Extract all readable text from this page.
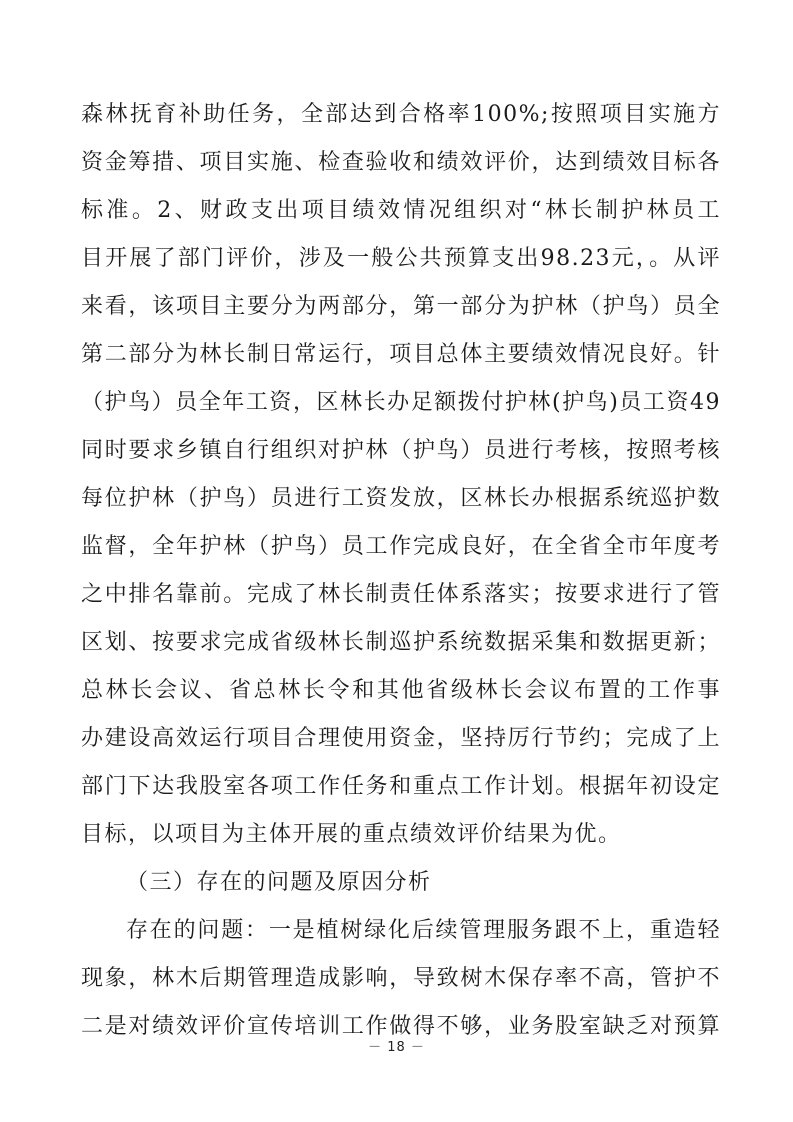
森林抚育补助任务，全部达到合格率100%;按照项目实施方
资金筹措、项目实施、检查验收和绩效评价，达到绩效目标各
标准。2、财政支出项目绩效情况组织对“林长制护林员工
目开展了部门评价，涉及一般公共预算支出98.23元，。从评
来看，该项目主要分为两部分，第一部分为护林（护鸟）员全
第二部分为林长制日常运行，项目总体主要绩效情况良好。针
（护鸟）员全年工资，区林长办足额拨付护林(护鸟)员工资49
同时要求乡镇自行组织对护林（护鸟）员进行考核，按照考核
每位护林（护鸟）员进行工资发放，区林长办根据系统巡护数
监督，全年护林（护鸟）员工作完成良好，在全省全市年度考
之中排名靠前。完成了林长制责任体系落实；按要求进行了管
区划、按要求完成省级林长制巡护系统数据采集和数据更新；
总林长会议、省总林长令和其他省级林长会议布置的工作事
办建设高效运行项目合理使用资金，坚持厉行节约；完成了上
部门下达我股室各项工作任务和重点工作计划。根据年初设定
目标，以项目为主体开展的重点绩效评价结果为优。
（三）存在的问题及原因分析
存在的问题：一是植树绿化后续管理服务跟不上，重造轻
现象，林木后期管理造成影响，导致树木保存率不高，管护不
二是对绩效评价宣传培训工作做得不够，业务股室缺乏对预算
－ 18 －
